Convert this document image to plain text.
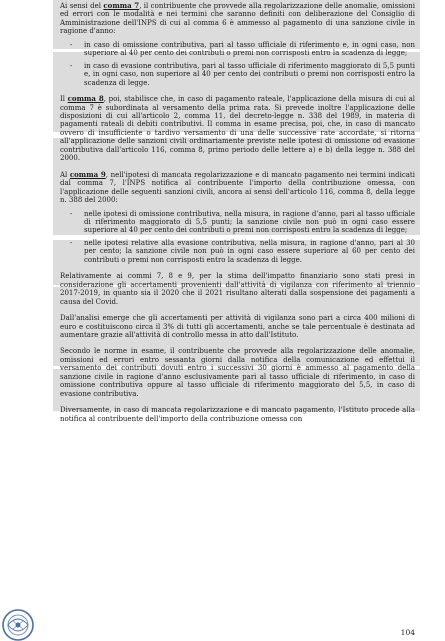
Ai sensi del comma 7, il contribuente che provvede alla regolarizzazione delle anomalie, omissioni ed errori con le modalità e nei termini che saranno definiti con deliberazione del Consiglio di Amministrazione dell'INPS di cui al comma 6 è ammesso al pagamento di una sanzione civile in ragione d'anno:

- in caso di omissione contributiva, pari al tasso ufficiale di riferimento e, in ogni caso, non superiore al 40 per cento dei contributi o premi non corrisposti entro la scadenza di legge;
- in caso di evasione contributiva, pari al tasso ufficiale di riferimento maggiorato di 5,5 punti e, in ogni caso, non superiore al 40 per cento dei contributi o premi non corrisposti entro la scadenza di legge.

Il comma 8, poi, stabilisce che, in caso di pagamento rateale, l'applicazione della misura di cui al comma 7 è subordinata al versamento della prima rata. Si prevede inoltre l'applicazione delle disposizioni di cui all'articolo 2, comma 11, del decreto-legge n. 338 del 1989, in materia di pagamenti rateali di debiti contributivi. Il comma in esame precisa, poi, che, in caso di mancato ovvero di insufficiente o tardivo versamento di una delle successive rate accordate, si ritorna all'applicazione delle sanzioni civili ordinariamente previste nelle ipotesi di omissione od evasione contributiva dall'articolo 116, comma 8, primo periodo delle lettere a) e b) della legge n. 388 del 2000.

Al comma 9, nell'ipotesi di mancata regolarizzazione e di mancato pagamento nei termini indicati dal comma 7, l'INPS notifica al contribuente l'importo della contribuzione omessa, con l'applicazione delle seguenti sanzioni civili, ancora ai sensi dell'articolo 116, comma 8, della legge n. 388 del 2000:

- nelle ipotesi di omissione contributiva, nella misura, in ragione d'anno, pari al tasso ufficiale di riferimento maggiorato di 5,5 punti; la sanzione civile non può in ogni caso essere superiore al 40 per cento dei contributi o premi non corrisposti entro la scadenza di legge;
- nelle ipotesi relative alla evasione contributiva, nella misura, in ragione d'anno, pari al 30 per cento; la sanzione civile non può in ogni caso essere superiore al 60 per cento dei contributi o premi non corrisposti entro la scadenza di legge.

Relativamente ai commi 7, 8 e 9, per la stima dell'impatto finanziario sono stati presi in considerazione gli accertamenti provenienti dall'attività di vigilanza con riferimento al triennio 2017-2019, in quanto sia il 2020 che il 2021 risultano alterati dalla sospensione dei pagamenti a causa del Covid.

Dall'analisi emerge che gli accertamenti per attività di vigilanza sono pari a circa 400 milioni di euro e costituiscono circa il 3% di tutti gli accertamenti, anche se tale percentuale è destinata ad aumentare grazie all'attività di controllo messa in atto dall'Istituto.

Secondo le norme in esame, il contribuente che provvede alla regolarizzazione delle anomalie, omissioni ed errori entro sessanta giorni dalla notifica della comunicazione ed effettui il versamento dei contributi dovuti entro i successivi 30 giorni è ammesso al pagamento della sanzione civile in ragione d'anno esclusivamente pari al tasso ufficiale di riferimento, in caso di omissione contributiva oppure al tasso ufficiale di riferimento maggiorato del 5,5, in caso di evasione contributiva.

Diversamente, in caso di mancata regolarizzazione e di mancato pagamento, l'Istituto procede alla notifica al contribuente dell'importo della contribuzione omessa con

104
